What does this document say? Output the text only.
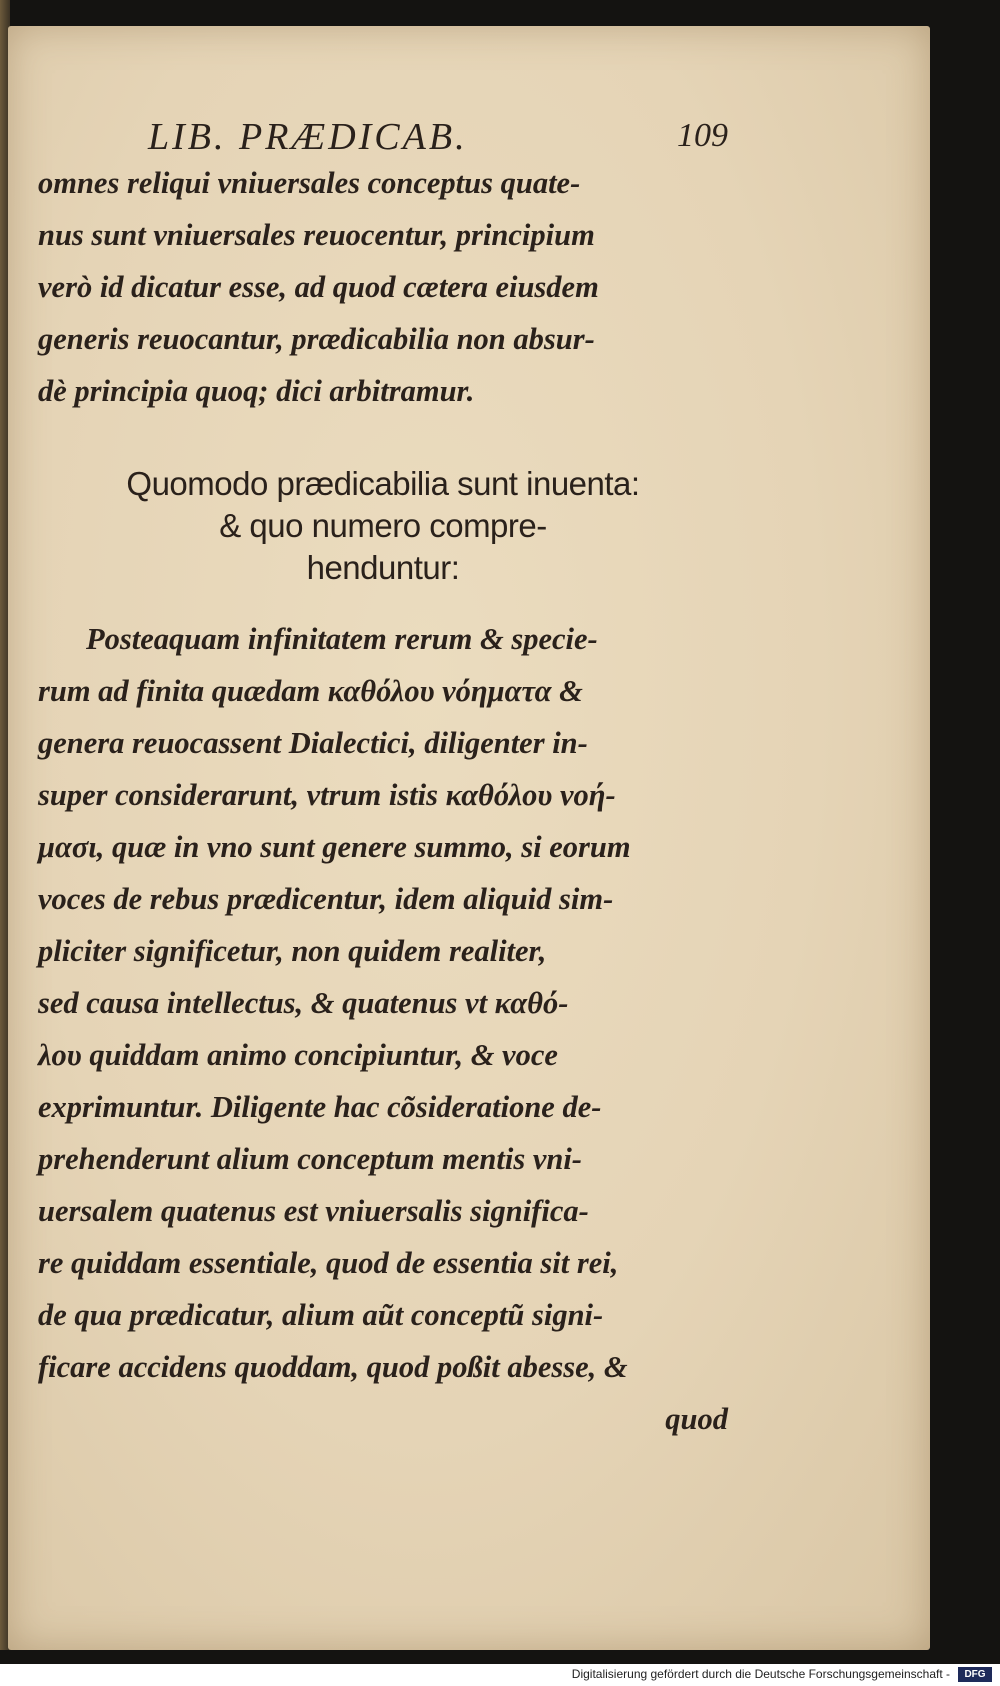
LIB. PRÆDICAB.	109
omnes reliqui vniuersales conceptus quate-
nus sunt vniuersales reuocentur, principium
verò id dicatur esse, ad quod cætera eiusdem
generis reuocantur, prædicabilia non absur-
dè principia quoq; dici arbitramur.
Quomodo prædicabilia sunt inuenta:
& quo numero compre-
henduntur:
Posteaquam infinitatem rerum & specie-
rum ad finita quædam καθόλου νόηματα &
genera reuocassent Dialectici, diligenter in-
super considerarunt, vtrum istis καθόλου νοή-
μασι, quæ in vno sunt genere summo, si eorum
voces de rebus prædicentur, idem aliquid sim-
pliciter significetur, non quidem realiter,
sed causa intellectus, & quatenus vt καθό-
λου quiddam animo concipiuntur, & voce
exprimuntur. Diligente hac cõsideratione de-
prehenderunt alium conceptum mentis vni-
uersalem quatenus est vniuersalis significa-
re quiddam essentiale, quod de essentia sit rei,
de qua prædicatur, alium aũt conceptũ signi-
ficare accidens quoddam, quod poßit abesse, &
quod
Digitalisierung gefördert durch die Deutsche Forschungsgemeinschaft -	DFG
